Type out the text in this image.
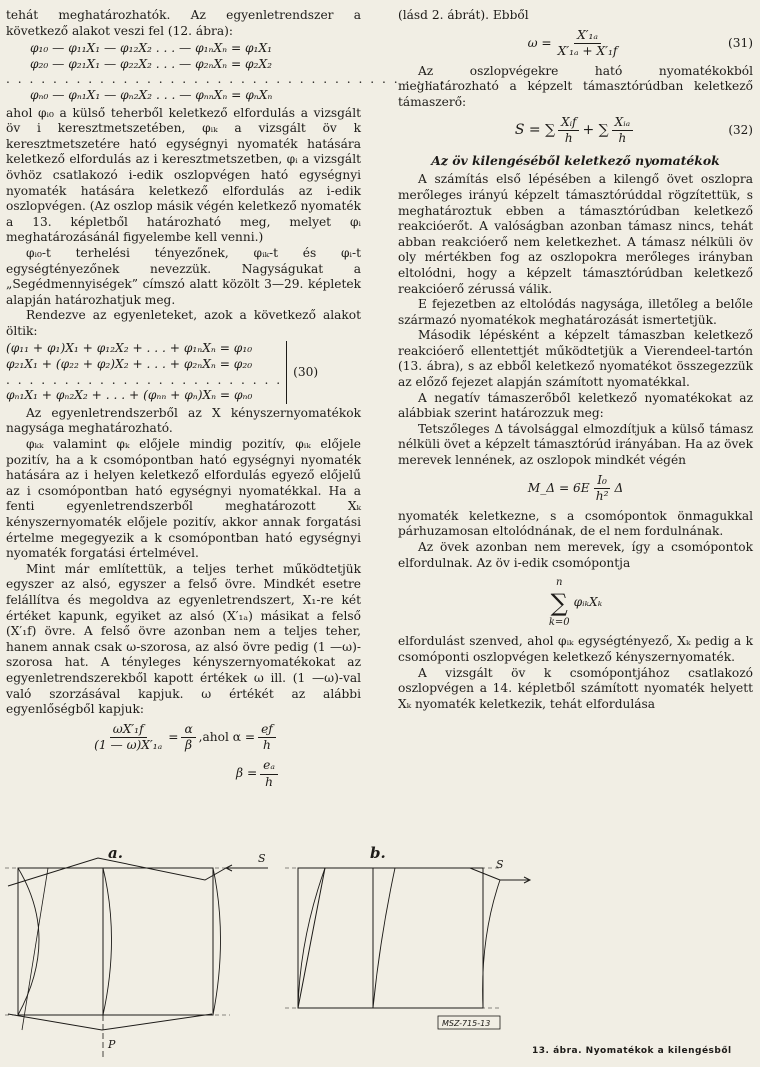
tehát meghatározhatók. Az egyenletrendszer a következő alakot veszi fel (12. ábra):

φ₁₀ — φ₁₁X₁ — φ₁₂X₂ . . . — φ₁ₙXₙ = φ₁X₁

φ₂₀ — φ₂₁X₁ — φ₂₂X₂ . . . — φ₂ₙXₙ = φ₂X₂

. . . . . . . . . . . . . . . . . . . . . . . . . . . . . . . . . . . . . .

φₙ₀ — φₙ₁X₁ — φₙ₂X₂ . . . — φₙₙXₙ = φₙXₙ

ahol φᵢ₀ a külső teherből keletkező elfordulás a vizsgált öv i keresztmetszetében, φᵢₖ a vizsgált öv k keresztmetszetére ható egységnyi nyomaték hatására keletkező elfordulás az i keresztmetszetben, φᵢ a vizsgált övhöz csatlakozó i-edik oszlopvégen ható egységnyi nyomaték hatására keletkező elfordulás az i-edik oszlopvégen. (Az oszlop másik végén keletkező nyomaték a 13. képletből határozható meg, melyet φᵢ meghatározásánál figyelembe kell venni.)

φᵢ₀-t terhelési tényezőnek, φᵢₖ-t és φᵢ-t egységtényezőnek nevezzük. Nagyságukat a „Segédmennyiségek” címszó alatt közölt 3—29. képletek alapján határozhatjuk meg.

Rendezve az egyenleteket, azok a következő alakot öltik:

(φ₁₁ + φ₁)X₁ + φ₁₂X₂ + . . . + φ₁ₙXₙ = φ₁₀
φ₂₁X₁ + (φ₂₂ + φ₂)X₂ + . . . + φ₂ₙXₙ = φ₂₀
. . . . . . . . . . . . . . . . . . . . . . . .
φₙ₁X₁ + φₙ₂X₂ + . . . + (φₙₙ + φₙ)Xₙ = φₙ₀
(30)

Az egyenletrendszerből az X kényszernyomatékok nagysága meghatározható.

φₖₖ valamint φₖ előjele mindig pozitív, φᵢₖ előjele pozitív, ha a k csomópontban ható egységnyi nyomaték hatására az i helyen keletkező elfordulás egyező előjelű az i csomópontban ható egységnyi nyomatékkal. Ha a fenti egyenletrendszerből meghatározott Xₖ kényszernyomaték előjele pozitív, akkor annak forgatási értelme megegyezik a k csomópontban ható egységnyi nyomaték forgatási értelmével.

Mint már említettük, a teljes terhet működtetjük egyszer az alsó, egyszer a felső övre. Mindkét esetre felállítva és megoldva az egyenletrendszert, X₁-re két értéket kapunk, egyiket az alsó (X′₁ₐ) másikat a felső (X′₁f) övre. A felső övre azonban nem a teljes teher, hanem annak csak ω-szorosa, az alsó övre pedig (1 —ω)-szorosa hat. A tényleges kényszernyomatékokat az egyenletrendszerekből kapott értékek ω ill. (1 —ω)-val való szorzásával kapjuk. ω értékét az alábbi egyenlőségből kapjuk:

$\frac{\text{ωX′₁f}}{\text{(1 — ω)X′₁ₐ}} = \frac{\alpha}{\beta}$ ,ahol $\alpha = \frac{eƒ}{h}$
$\beta = \frac{\text{eₐ}}{h}$

(lásd 2. ábrát). Ebből

$\omega = \frac{\text{X′₁ₐ}}{\text{X′₁ₐ + X′₁f}}$	(31)

Az oszlopvégekre ható nyomatékokból meghatározható a képzelt támasztórúdban keletkező támaszerő:

S = ∑ $\frac{\text{Xᵢf}}{h}$ + ∑ $\frac{\text{Xᵢₐ}}{h}$	(32)
Az öv kilengéséből keletkező nyomatékok

A számítás első lépésében a kilengő övet oszlopra merőleges irányú képzelt támasztórúddal rögzítettük, s meghatároztuk ebben a támasztórúdban keletkező reakcióerőt. A valóságban azonban támasz nincs, tehát abban reakcióerő nem keletkezhet. A támasz nélküli öv oly mértékben fog az oszlopokra merőleges irányban eltolódni, hogy a képzelt támasztórúdban keletkező reakcióerő zérussá válik.

E fejezetben az eltolódás nagysága, illetőleg a belőle származó nyomatékok meghatározását ismertetjük.

Második lépésként a képzelt támaszban keletkező reakcióerő ellentettjét működtetjük a Vierendeel-tartón (13. ábra), s az ebből keletkező nyomatékot összegezzük az előző fejezet alapján számított nyomatékkal.

A negatív támaszerőből keletkező nyomatékokat az alábbiak szerint határozzuk meg:

Tetszőleges Δ távolsággal elmozdítjuk a külső támasz nélküli övet a képzelt támasztórúd irányában. Ha az övek merevek lennének, az oszlopok mindkét végén

M_Δ = $6E \frac{\text{I₀}}{\text{h²}}$ Δ

nyomaték keletkezne, s a csomópontok önmagukkal párhuzamosan eltolódnának, de el nem fordulnának.

Az övek azonban nem merevek, így a csomópontok elfordulnak. Az öv i-edik csomópontja

n
∑
k=0
φᵢₖXₖ

elfordulást szenved, ahol φᵢₖ egységtényező, Xₖ pedig a k csomóponti oszlopvégen keletkező kényszernyomaték.

A vizsgált öv k csomópontjához csatlakozó oszlopvégen a 14. képletből számított nyomaték helyett Xₖ nyomaték keletkezik, tehát elfordulása

a.	b.
S
P
S
MSZ-715-13
13. ábra. Nyomatékok a kilengésből
